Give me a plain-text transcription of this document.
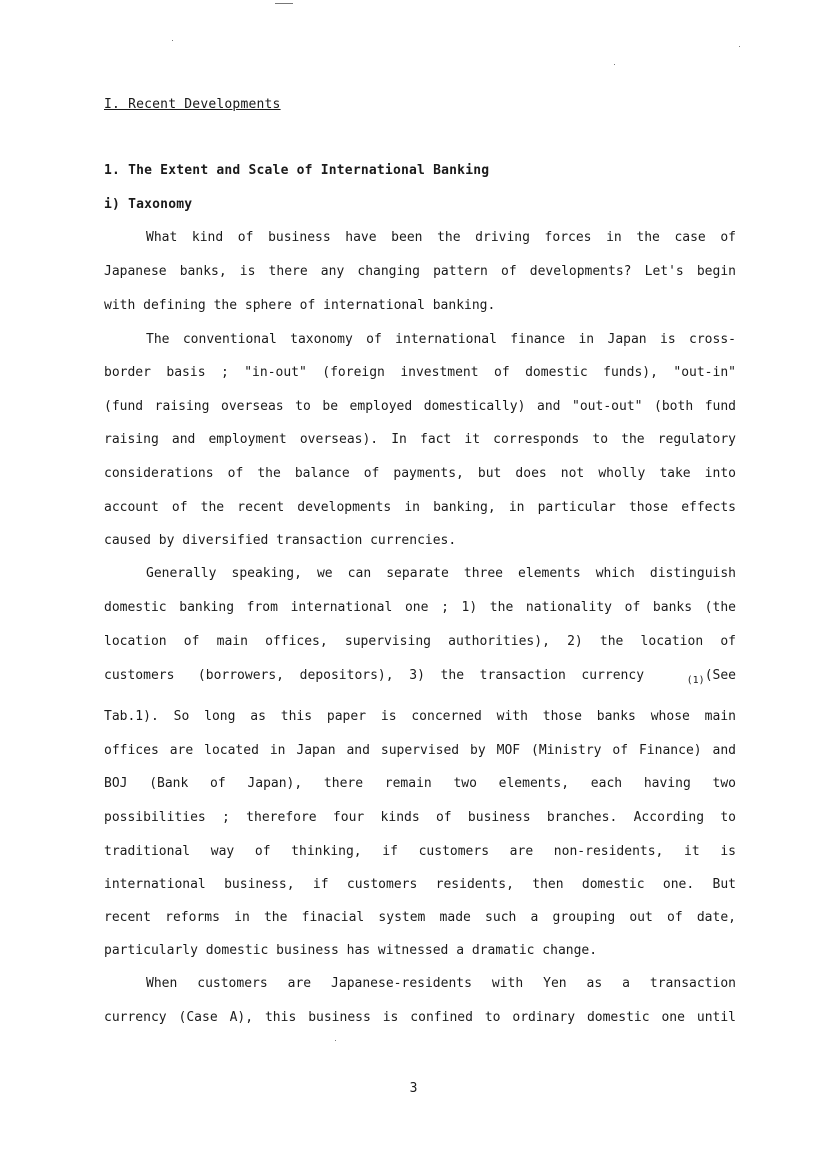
I. Recent Developments
1. The Extent and Scale of International Banking
i) Taxonomy
What kind of business have been the driving forces in the case of
Japanese banks, is there any changing pattern of developments? Let's begin
with defining the sphere of international banking.
The conventional taxonomy of international finance in Japan is cross-
border basis ; "in-out" (foreign investment of domestic funds), "out-in"
(fund raising overseas to be employed domestically) and "out-out" (both fund
raising and employment overseas). In fact it corresponds to the regulatory
considerations of the balance of payments, but does not wholly take into
account of the recent developments in banking, in particular those effects
caused by diversified transaction currencies.
Generally speaking, we can separate three elements which distinguish
domestic banking from international one ; 1) the nationality of banks (the
location of main offices, supervising authorities), 2) the location of
customers   (borrowers,  depositors),  3)  the  transaction  currency	$_{(1)}$(See
Tab.1). So long as this paper is concerned with those banks whose main
offices are located in Japan and supervised by MOF (Ministry of Finance) and
BOJ (Bank of Japan), there remain two elements, each having two
possibilities ; therefore four kinds of business branches. According to
traditional way of thinking, if customers are non-residents, it is
international business, if customers residents, then domestic one. But
recent reforms in the finacial system made such a grouping out of date,
particularly domestic business has witnessed a dramatic change.
When customers are Japanese-residents with Yen as a transaction
currency (Case A), this business is confined to ordinary domestic one until
3
